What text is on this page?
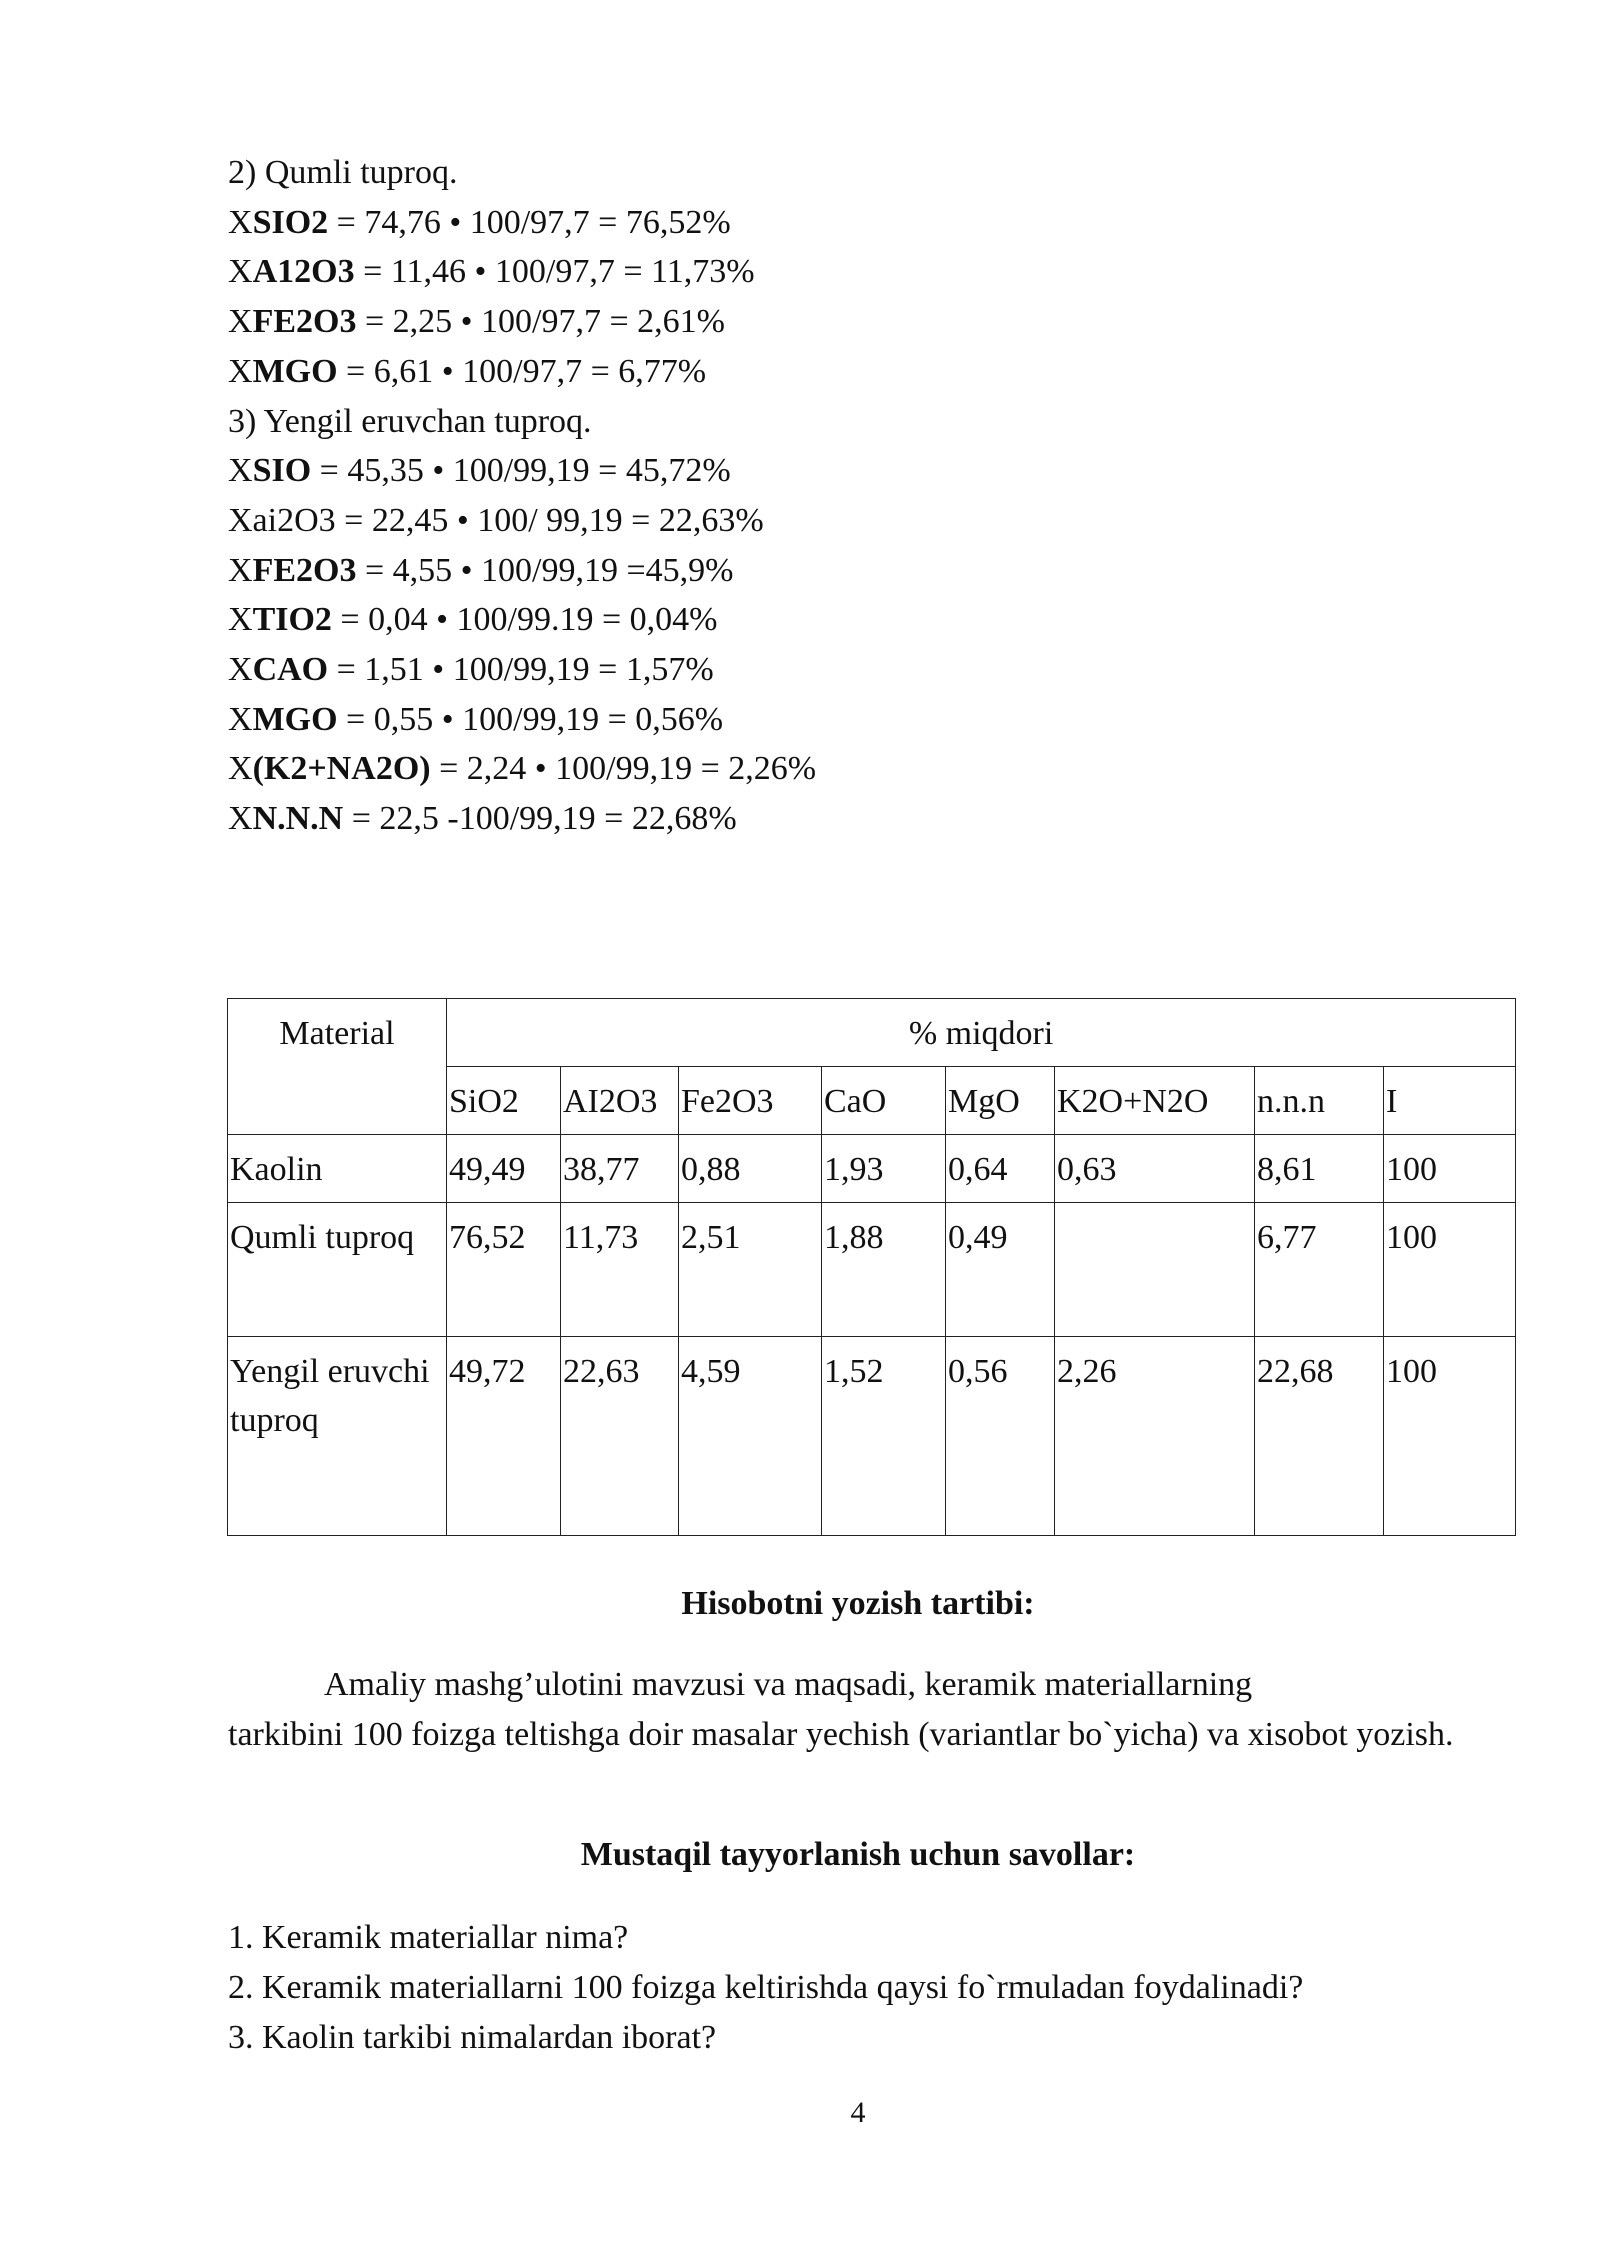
2) Qumli tuproq.
XSIO2 = 74,76 • 100/97,7 = 76,52%
XA12O3 = 11,46 • 100/97,7 = 11,73%
XFE2O3 = 2,25 • 100/97,7 = 2,61%
XMGO = 6,61 • 100/97,7 = 6,77%
3) Yengil eruvchan tuproq.
XSIO = 45,35 • 100/99,19 = 45,72%
Xai2O3 = 22,45 • 100/ 99,19 = 22,63%
XFE2O3 = 4,55 • 100/99,19 =45,9%
XTIO2 = 0,04 • 100/99.19 = 0,04%
XCAO = 1,51 • 100/99,19 = 1,57%
XMGO = 0,55 • 100/99,19 = 0,56%
X(K2+NA2O) = 2,24 • 100/99,19 = 2,26%
XN.N.N = 22,5 -100/99,19 = 22,68%
Material	% miqdori							
	SiO2	AI2O3	Fe2O3	CaO	MgO	K2O+N2O	n.n.n	I
Kaolin	49,49	38,77	0,88	1,93	0,64	0,63	8,61	100
Qumli tuproq	76,52	11,73	2,51	1,88	0,49		6,77	100
Yengil eruvchi tuproq	49,72	22,63	4,59	1,52	0,56	2,26	22,68	100
Hisobotni yozish tartibi:
Amaliy mashg’ulotini mavzusi va maqsadi, keramik materiallarning
tarkibini 100 foizga teltishga doir masalar yechish (variantlar bo`yicha) va xisobot yozish.
Mustaqil tayyorlanish uchun savollar:
1. Keramik materiallar nima?
2. Keramik materiallarni 100 foizga keltirishda qaysi fo`rmuladan foydalinadi?
3. Kaolin tarkibi nimalardan iborat?
4
